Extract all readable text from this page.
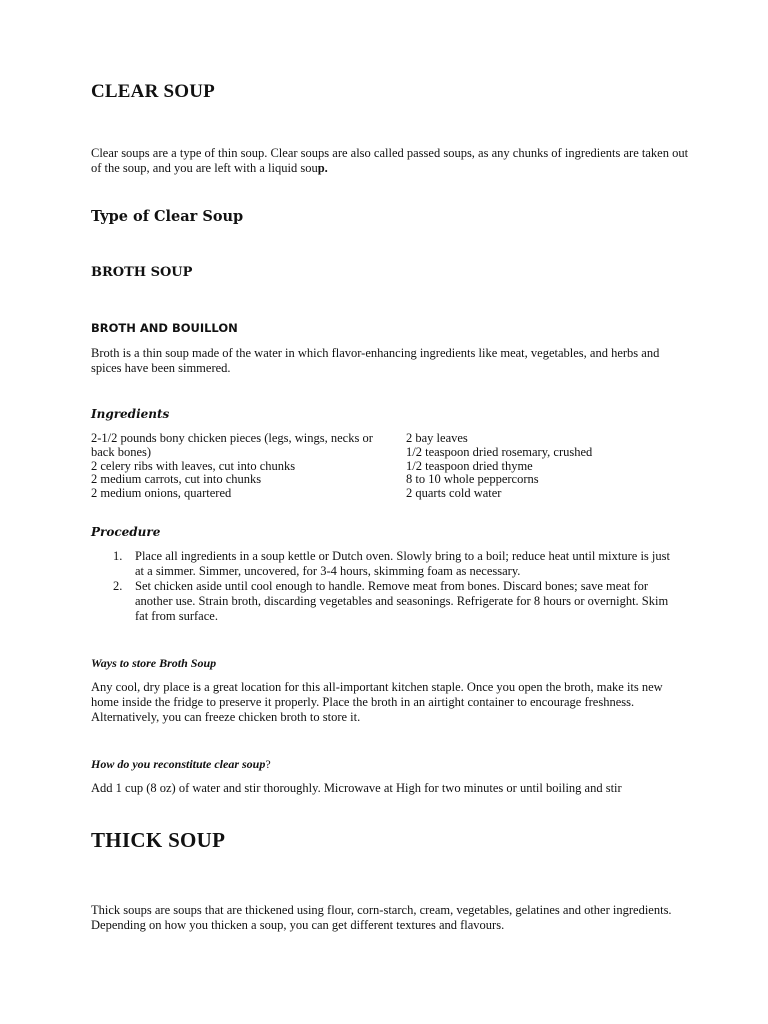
CLEAR SOUP

Clear soups are a type of thin soup. Clear soups are also called passed soups, as any chunks of ingredients are taken out of the soup, and you are left with a liquid soup.

Type of Clear Soup
BROTH SOUP
BROTH AND BOUILLON

Broth is a thin soup made of the water in which flavor-enhancing ingredients like meat, vegetables, and herbs and spices have been simmered.

Ingredients
2-1/2 pounds bony chicken pieces (legs, wings, necks or back bones)
2 celery ribs with leaves, cut into chunks
2 medium carrots, cut into chunks
2 medium onions, quartered
2 bay leaves
1/2 teaspoon dried rosemary, crushed
1/2 teaspoon dried thyme
8 to 10 whole peppercorns
2 quarts cold water
Procedure
1. Place all ingredients in a soup kettle or Dutch oven. Slowly bring to a boil; reduce heat until mixture is just at a simmer. Simmer, uncovered, for 3-4 hours, skimming foam as necessary.
2. Set chicken aside until cool enough to handle. Remove meat from bones. Discard bones; save meat for another use. Strain broth, discarding vegetables and seasonings. Refrigerate for 8 hours or overnight. Skim fat from surface.
Ways to store Broth Soup

Any cool, dry place is a great location for this all-important kitchen staple. Once you open the broth, make its new home inside the fridge to preserve it properly. Place the broth in an airtight container to encourage freshness. Alternatively, you can freeze chicken broth to store it.

How do you reconstitute clear soup?

Add 1 cup (8 oz) of water and stir thoroughly. Microwave at High for two minutes or until boiling and stir

THICK SOUP

Thick soups are soups that are thickened using flour, corn-starch, cream, vegetables, gelatines and other ingredients. Depending on how you thicken a soup, you can get different textures and flavours.
